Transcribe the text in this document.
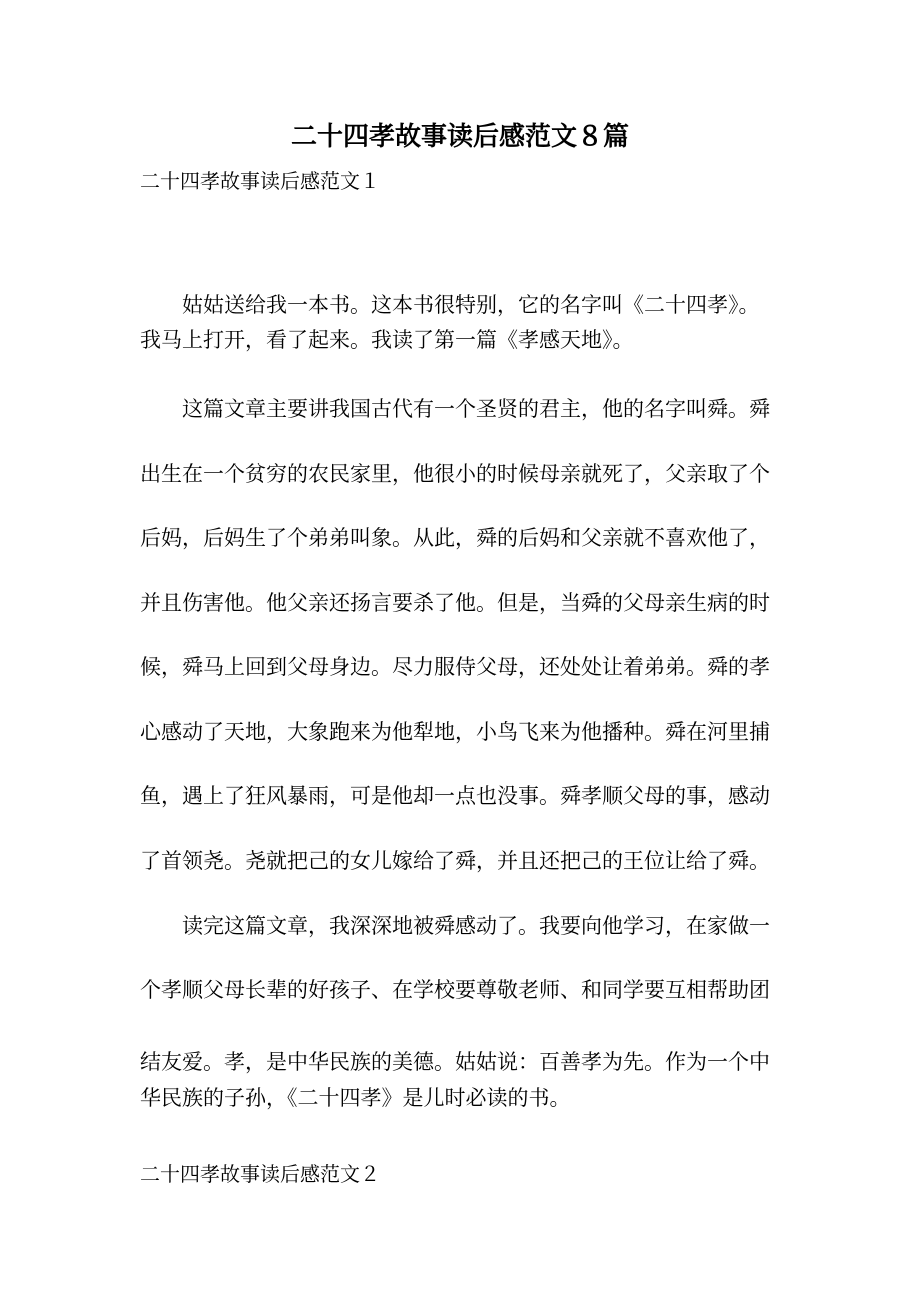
二十四孝故事读后感范文８篇

二十四孝故事读后感范文１

姑姑送给我一本书。这本书很特别，它的名字叫《二十四孝》。

我马上打开，看了起来。我读了第一篇《孝感天地》。

这篇文章主要讲我国古代有一个圣贤的君主，他的名字叫舜。舜

出生在一个贫穷的农民家里，他很小的时候母亲就死了，父亲取了个

后妈，后妈生了个弟弟叫象。从此，舜的后妈和父亲就不喜欢他了，

并且伤害他。他父亲还扬言要杀了他。但是，当舜的父母亲生病的时

候，舜马上回到父母身边。尽力服侍父母，还处处让着弟弟。舜的孝

心感动了天地，大象跑来为他犁地，小鸟飞来为他播种。舜在河里捕

鱼，遇上了狂风暴雨，可是他却一点也没事。舜孝顺父母的事，感动

了首领尧。尧就把己的女儿嫁给了舜，并且还把己的王位让给了舜。

读完这篇文章，我深深地被舜感动了。我要向他学习，在家做一

个孝顺父母长辈的好孩子、在学校要尊敬老师、和同学要互相帮助团

结友爱。孝，是中华民族的美德。姑姑说：百善孝为先。作为一个中

华民族的子孙，《二十四孝》是儿时必读的书。

二十四孝故事读后感范文２
